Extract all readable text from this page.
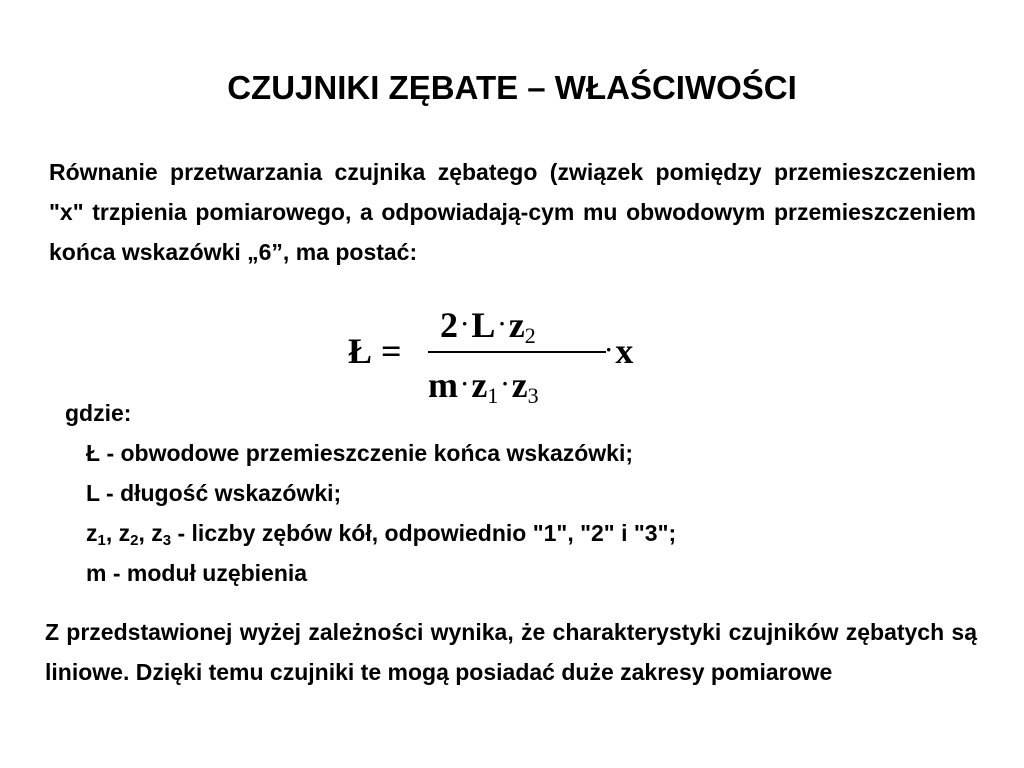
CZUJNIKI ZĘBATE – WŁAŚCIWOŚCI

Równanie przetwarzania czujnika zębatego (związek pomiędzy przemieszczeniem "x" trzpienia pomiarowego, a odpowiadają-cym mu obwodowym przemieszczeniem końca wskazówki „6”, ma postać:

Ł =
2 ·L ·z2
m ·z1 ·z3
·x
gdzie:
Ł - obwodowe przemieszczenie końca wskazówki;
L - długość wskazówki;
$z_1$, $z_2$, $z_3$ - liczby zębów kół, odpowiednio "1", "2" i "3";
m - moduł uzębienia

Z przedstawionej wyżej zależności wynika, że charakterystyki czujników zębatych są liniowe. Dzięki temu czujniki te mogą posiadać duże zakresy pomiarowe
